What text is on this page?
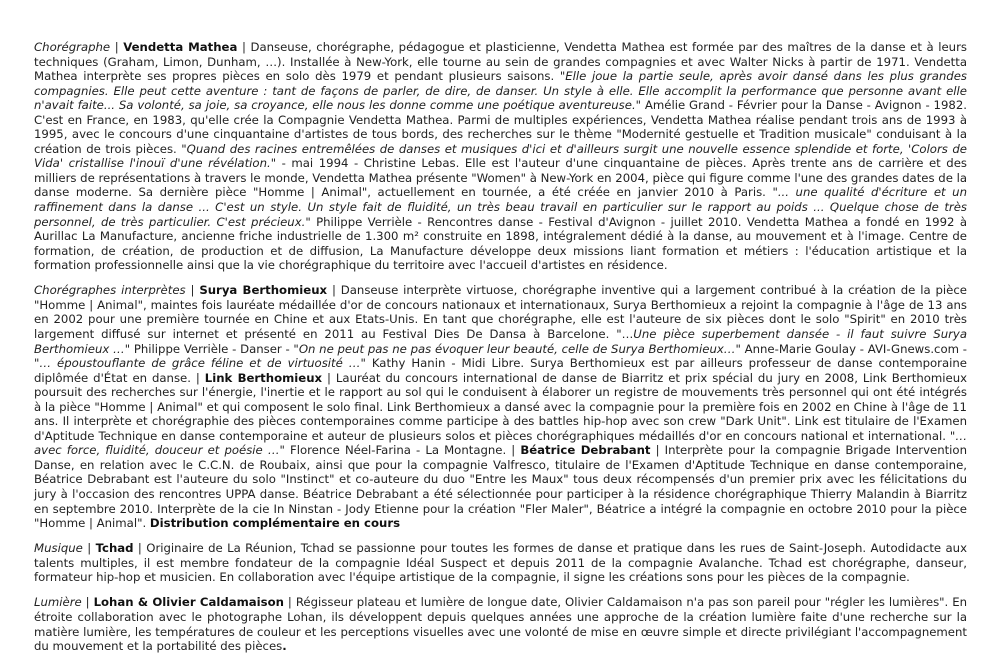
Chorégraphe | Vendetta Mathea | Danseuse, chorégraphe, pédagogue et plasticienne, Vendetta Mathea est formée par des maîtres de la danse et à leurs techniques (Graham, Limon, Dunham, …). Installée à New-York, elle tourne au sein de grandes compagnies et avec Walter Nicks à partir de 1971. Vendetta Mathea interprète ses propres pièces en solo dès 1979 et pendant plusieurs saisons. "Elle joue la partie seule, après avoir dansé dans les plus grandes compagnies. Elle peut cette aventure : tant de façons de parler, de dire, de danser. Un style à elle. Elle accomplit la performance que personne avant elle n'avait faite... Sa volonté, sa joie, sa croyance, elle nous les donne comme une poétique aventureuse." Amélie Grand - Février pour la Danse - Avignon - 1982. C'est en France, en 1983, qu'elle crée la Compagnie Vendetta Mathea. Parmi de multiples expériences, Vendetta Mathea réalise pendant trois ans de 1993 à 1995, avec le concours d'une cinquantaine d'artistes de tous bords, des recherches sur le thème "Modernité gestuelle et Tradition musicale" conduisant à la création de trois pièces. "Quand des racines entremêlées de danses et musiques d'ici et d'ailleurs surgit une nouvelle essence splendide et forte, 'Colors de Vida' cristallise l'inouï d'une révélation." - mai 1994 - Christine Lebas. Elle est l'auteur d'une cinquantaine de pièces. Après trente ans de carrière et des milliers de représentations à travers le monde, Vendetta Mathea présente "Women" à New-York en 2004, pièce qui figure comme l'une des grandes dates de la danse moderne. Sa dernière pièce "Homme | Animal", actuellement en tournée, a été créée en janvier 2010 à Paris. "... une qualité d'écriture et un raffinement dans la danse ... C'est un style. Un style fait de fluidité, un très beau travail en particulier sur le rapport au poids ... Quelque chose de très personnel, de très particulier. C'est précieux." Philippe Verrièle - Rencontres danse - Festival d'Avignon - juillet 2010. Vendetta Mathea a fondé en 1992 à Aurillac La Manufacture, ancienne friche industrielle de 1.300 m² construite en 1898, intégralement dédié à la danse, au mouvement et à l'image. Centre de formation, de création, de production et de diffusion, La Manufacture développe deux missions liant formation et métiers : l'éducation artistique et la formation professionnelle ainsi que la vie chorégraphique du territoire avec l'accueil d'artistes en résidence.

Chorégraphes interprètes | Surya Berthomieux | Danseuse interprète virtuose, chorégraphe inventive qui a largement contribué à la création de la pièce "Homme | Animal", maintes fois lauréate médaillée d'or de concours nationaux et internationaux, Surya Berthomieux a rejoint la compagnie à l'âge de 13 ans en 2002 pour une première tournée en Chine et aux Etats-Unis. En tant que chorégraphe, elle est l'auteure de six pièces dont le solo "Spirit" en 2010 très largement diffusé sur internet et présenté en 2011 au Festival Dies De Dansa à Barcelone. "…Une pièce superbement dansée - il faut suivre Surya Berthomieux …" Philippe Verrièle - Danser - "On ne peut pas ne pas évoquer leur beauté, celle de Surya Berthomieux…" Anne-Marie Goulay - AVI-Gnews.com - "… époustouflante de grâce féline et de virtuosité …" Kathy Hanin - Midi Libre. Surya Berthomieux est par ailleurs professeur de danse contemporaine diplômée d'État en danse. | Link Berthomieux | Lauréat du concours international de danse de Biarritz et prix spécial du jury en 2008, Link Berthomieux poursuit des recherches sur l'énergie, l'inertie et le rapport au sol qui le conduisent à élaborer un registre de mouvements très personnel qui ont été intégrés à la pièce "Homme | Animal" et qui composent le solo final. Link Berthomieux a dansé avec la compagnie pour la première fois en 2002 en Chine à l'âge de 11 ans. Il interprète et chorégraphie des pièces contemporaines comme participe à des battles hip-hop avec son crew "Dark Unit". Link est titulaire de l'Examen d'Aptitude Technique en danse contemporaine et auteur de plusieurs solos et pièces chorégraphiques médaillés d'or en concours national et international. "… avec force, fluidité, douceur et poésie …" Florence Néel-Farina - La Montagne. | Béatrice Debrabant | Interprète pour la compagnie Brigade Intervention Danse, en relation avec le C.C.N. de Roubaix, ainsi que pour la compagnie Valfresco, titulaire de l'Examen d'Aptitude Technique en danse contemporaine, Béatrice Debrabant est l'auteure du solo "Instinct" et co-auteure du duo "Entre les Maux" tous deux récompensés d'un premier prix avec les félicitations du jury à l'occasion des rencontres UPPA danse. Béatrice Debrabant a été sélectionnée pour participer à la résidence chorégraphique Thierry Malandin à Biarritz en septembre 2010. Interprète de la cie In Ninstan - Jody Etienne pour la création "Fler Maler", Béatrice a intégré la compagnie en octobre 2010 pour la pièce "Homme | Animal". Distribution complémentaire en cours

Musique | Tchad | Originaire de La Réunion, Tchad se passionne pour toutes les formes de danse et pratique dans les rues de Saint-Joseph. Autodidacte aux talents multiples, il est membre fondateur de la compagnie Idéal Suspect et depuis 2011 de la compagnie Avalanche. Tchad est chorégraphe, danseur, formateur hip-hop et musicien. En collaboration avec l'équipe artistique de la compagnie, il signe les créations sons pour les pièces de la compagnie.

Lumière | Lohan & Olivier Caldamaison | Régisseur plateau et lumière de longue date, Olivier Caldamaison n'a pas son pareil pour "régler les lumières". En étroite collaboration avec le photographe Lohan, ils développent depuis quelques années une approche de la création lumière faite d'une recherche sur la matière lumière, les températures de couleur et les perceptions visuelles avec une volonté de mise en œuvre simple et directe privilégiant l'accompagnement du mouvement et la portabilité des pièces.
